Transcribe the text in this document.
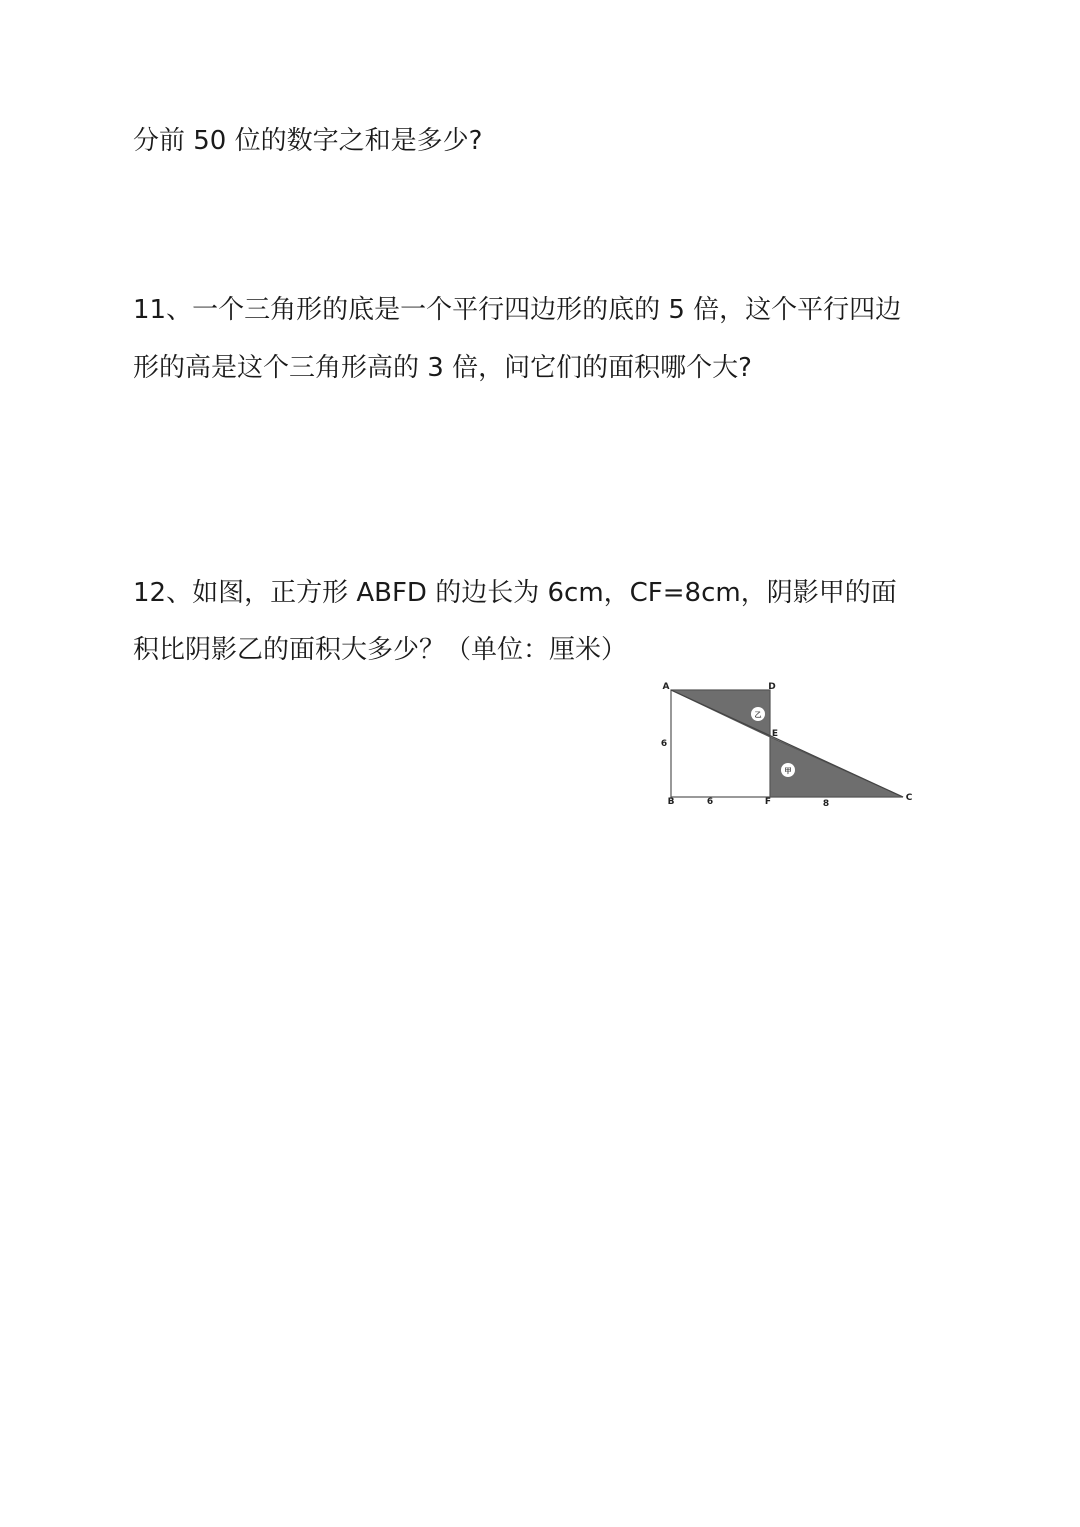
分前 50 位的数字之和是多少?
11、一个三角形的底是一个平行四边形的底的 5 倍，这个平行四边
形的高是这个三角形高的 3 倍，问它们的面积哪个大?
12、如图，正方形 ABFD 的边长为 6cm，CF=8cm，阴影甲的面
积比阴影乙的面积大多少？（单位：厘米）
乙
甲
A	D
E
B	F	C
6
6	8
